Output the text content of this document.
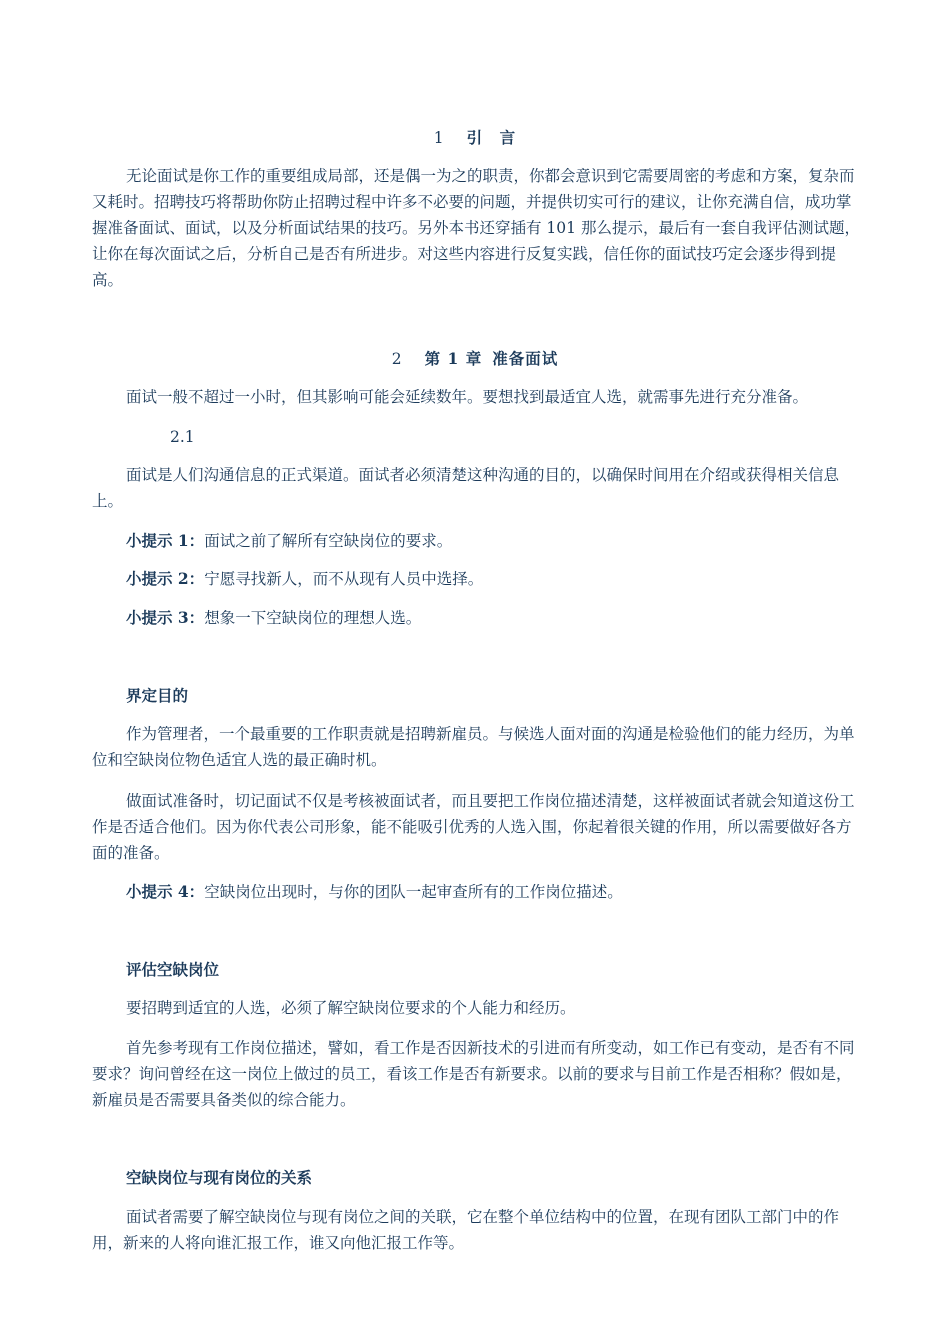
1 引　言

无论面试是你工作的重要组成局部，还是偶一为之的职责，你都会意识到它需要周密的考虑和方案，复杂而又耗时。招聘技巧将帮助你防止招聘过程中许多不必要的问题，并提供切实可行的建议，让你充满自信，成功掌握准备面试、面试，以及分析面试结果的技巧。另外本书还穿插有 101 那么提示，最后有一套自我评估测试题，让你在每次面试之后，分析自己是否有所进步。对这些内容进行反复实践，信任你的面试技巧定会逐步得到提高。

2 第 1 章 准备面试

面试一般不超过一小时，但其影响可能会延续数年。要想找到最适宜人选，就需事先进行充分准备。

2.1

面试是人们沟通信息的正式渠道。面试者必须清楚这种沟通的目的，以确保时间用在介绍或获得相关信息上。

小提示 1：面试之前了解所有空缺岗位的要求。

小提示 2：宁愿寻找新人，而不从现有人员中选择。

小提示 3：想象一下空缺岗位的理想人选。

界定目的

作为管理者，一个最重要的工作职责就是招聘新雇员。与候选人面对面的沟通是检验他们的能力经历，为单位和空缺岗位物色适宜人选的最正确时机。

做面试准备时，切记面试不仅是考核被面试者，而且要把工作岗位描述清楚，这样被面试者就会知道这份工作是否适合他们。因为你代表公司形象，能不能吸引优秀的人选入围，你起着很关键的作用，所以需要做好各方面的准备。

小提示 4：空缺岗位出现时，与你的团队一起审查所有的工作岗位描述。

评估空缺岗位

要招聘到适宜的人选，必须了解空缺岗位要求的个人能力和经历。

首先参考现有工作岗位描述，譬如，看工作是否因新技术的引进而有所变动，如工作已有变动，是否有不同要求？询问曾经在这一岗位上做过的员工，看该工作是否有新要求。以前的要求与目前工作是否相称？假如是，新雇员是否需要具备类似的综合能力。

空缺岗位与现有岗位的关系

面试者需要了解空缺岗位与现有岗位之间的关联，它在整个单位结构中的位置，在现有团队工部门中的作用，新来的人将向谁汇报工作，谁又向他汇报工作等。
